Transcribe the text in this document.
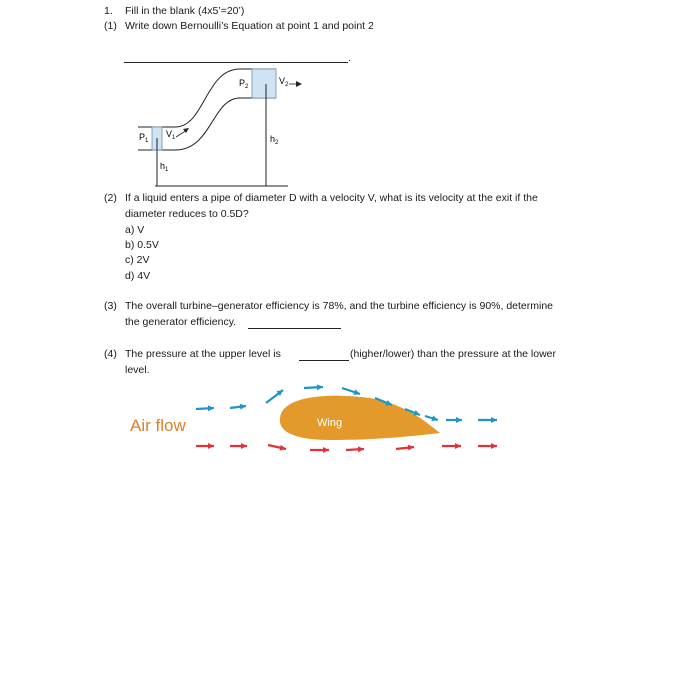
1. Fill in the blank (4x5’=20’)
(1) Write down Bernoulli’s Equation at point 1 and point 2
.
$P_2$
$V_2$
$P_1$
$V_1$
$h_1$
$h_2$
(2) If a liquid enters a pipe of diameter D with a velocity V, what is its velocity at the exit if the
diameter reduces to 0.5D?
a) V
b) 0.5V
c) 2V
d) 4V
(3) The overall turbine–generator efficiency is 78%, and the turbine efficiency is 90%, determine
the generator efficiency.
(4) The pressure at the upper level is	(higher/lower) than the pressure at the lower
level.
Air flow	Wing
